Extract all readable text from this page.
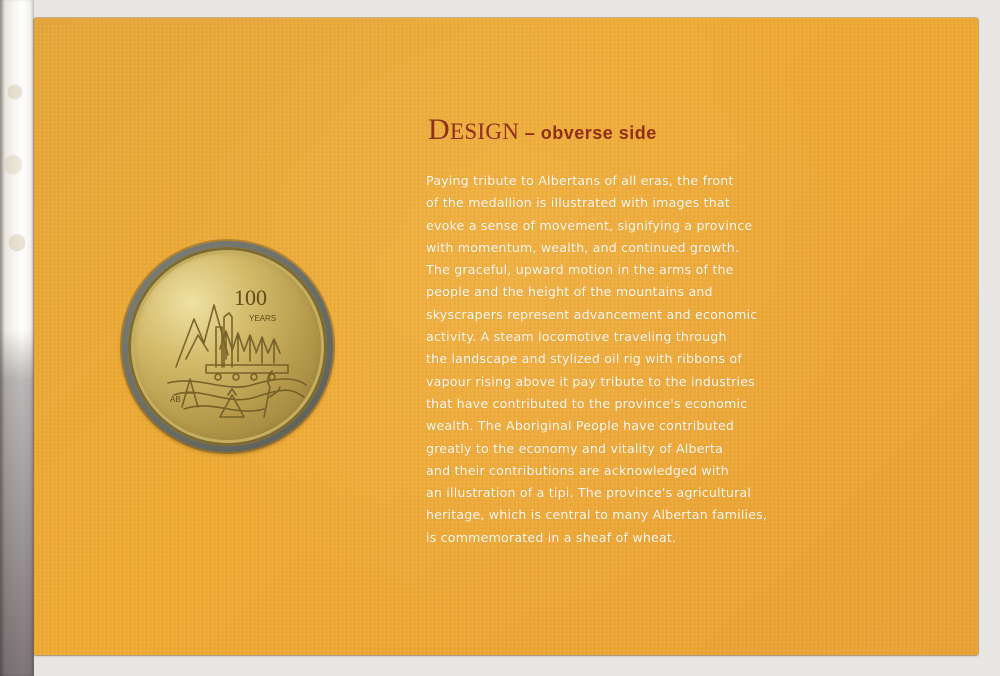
DESIGN – obverse side

Paying tribute to Albertans of all eras, the front
of the medallion is illustrated with images that
evoke a sense of movement, signifying a province
with momentum, wealth, and continued growth.
The graceful, upward motion in the arms of the
people and the height of the mountains and
skyscrapers represent advancement and economic
activity. A steam locomotive traveling through
the landscape and stylized oil rig with ribbons of
vapour rising above it pay tribute to the industries
that have contributed to the province's economic
wealth. The Aboriginal People have contributed
greatly to the economy and vitality of Alberta
and their contributions are acknowledged with
an illustration of a tipi. The province's agricultural
heritage, which is central to many Albertan families,
is commemorated in a sheaf of wheat.

100
YEARS
AB
